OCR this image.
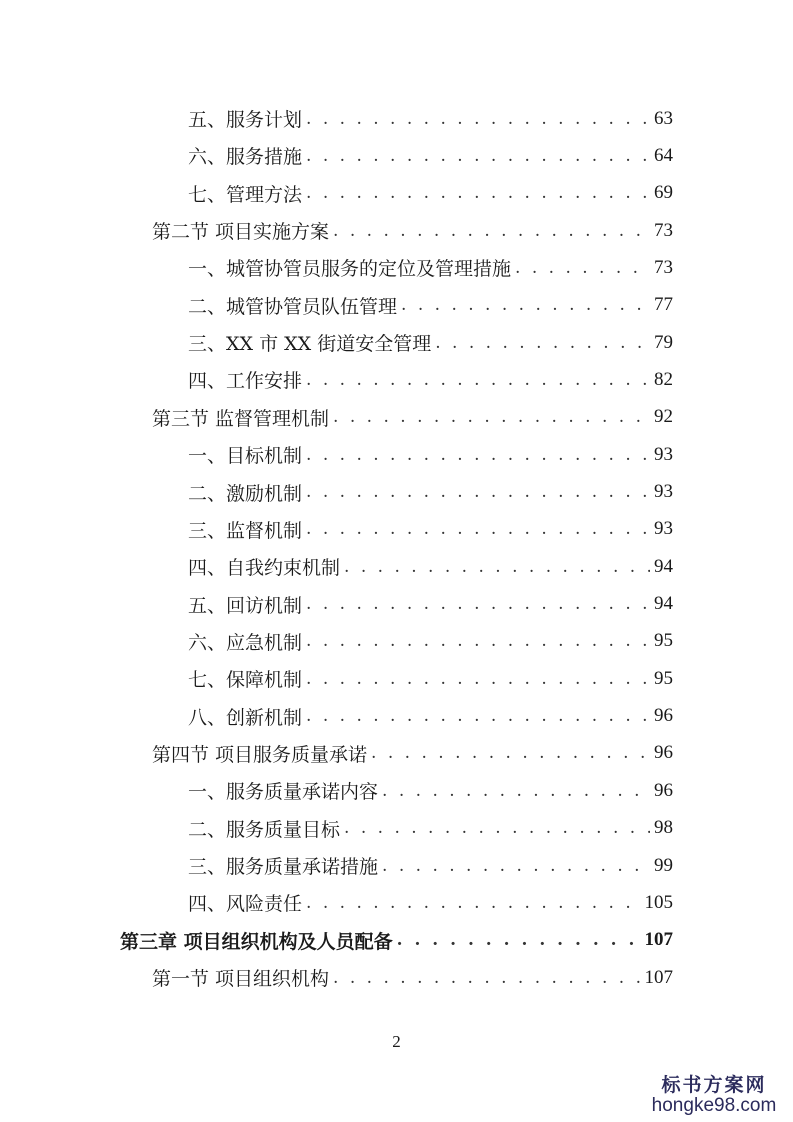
五、服务计划 . . .	63
六、服务措施 . . .	64
七、管理方法 . . .	69
第二节 项目实施方案 . . .	73
一、城管协管员服务的定位及管理措施 . . .	73
二、城管协管员队伍管理 . . .	77
三、XX 市 XX 街道安全管理 . . .	79
四、工作安排 . . .	82
第三节 监督管理机制 . . .	92
一、目标机制 . . .	93
二、激励机制 . . .	93
三、监督机制 . . .	93
四、自我约束机制 . . .	94
五、回访机制 . . .	94
六、应急机制 . . .	95
七、保障机制 . . .	95
八、创新机制 . . .	96
第四节 项目服务质量承诺 . . .	96
一、服务质量承诺内容 . . .	96
二、服务质量目标 . . .	98
三、服务质量承诺措施 . . .	99
四、风险责任 . . .	105
第三章 项目组织机构及人员配备 . . .	107
第一节 项目组织机构 . . .	107
2
标书方案网
hongke98.com
